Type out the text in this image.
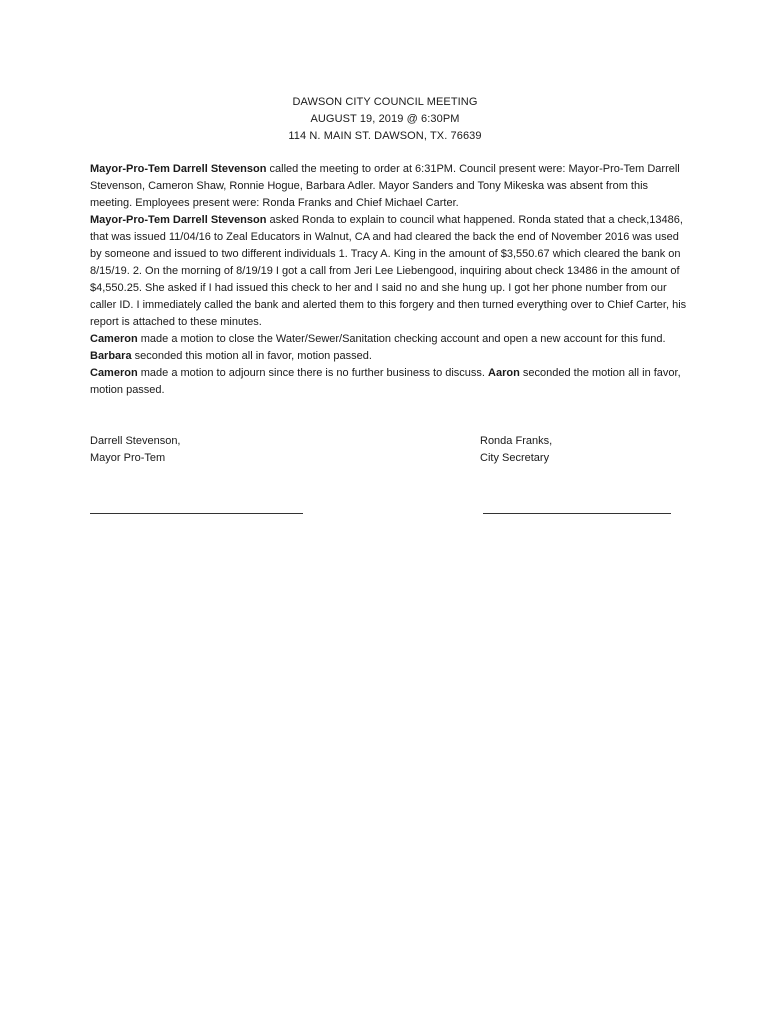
DAWSON CITY COUNCIL MEETING
AUGUST 19, 2019 @ 6:30PM
114 N. MAIN ST. DAWSON, TX. 76639
Mayor-Pro-Tem Darrell Stevenson called the meeting to order at 6:31PM. Council present were: Mayor-Pro-Tem Darrell Stevenson, Cameron Shaw, Ronnie Hogue, Barbara Adler. Mayor Sanders and Tony Mikeska was absent from this meeting. Employees present were: Ronda Franks and Chief Michael Carter.
Mayor-Pro-Tem Darrell Stevenson asked Ronda to explain to council what happened. Ronda stated that a check,13486, that was issued 11/04/16 to Zeal Educators in Walnut, CA and had cleared the back the end of November 2016 was used by someone and issued to two different individuals 1. Tracy A. King in the amount of $3,550.67 which cleared the bank on 8/15/19. 2. On the morning of 8/19/19 I got a call from Jeri Lee Liebengood, inquiring about check 13486 in the amount of $4,550.25. She asked if I had issued this check to her and I said no and she hung up. I got her phone number from our caller ID. I immediately called the bank and alerted them to this forgery and then turned everything over to Chief Carter, his report is attached to these minutes.
Cameron made a motion to close the Water/Sewer/Sanitation checking account and open a new account for this fund. Barbara seconded this motion all in favor, motion passed.
Cameron made a motion to adjourn since there is no further business to discuss. Aaron seconded the motion all in favor, motion passed.
Darrell Stevenson,
Mayor Pro-Tem
Ronda Franks,
City Secretary
